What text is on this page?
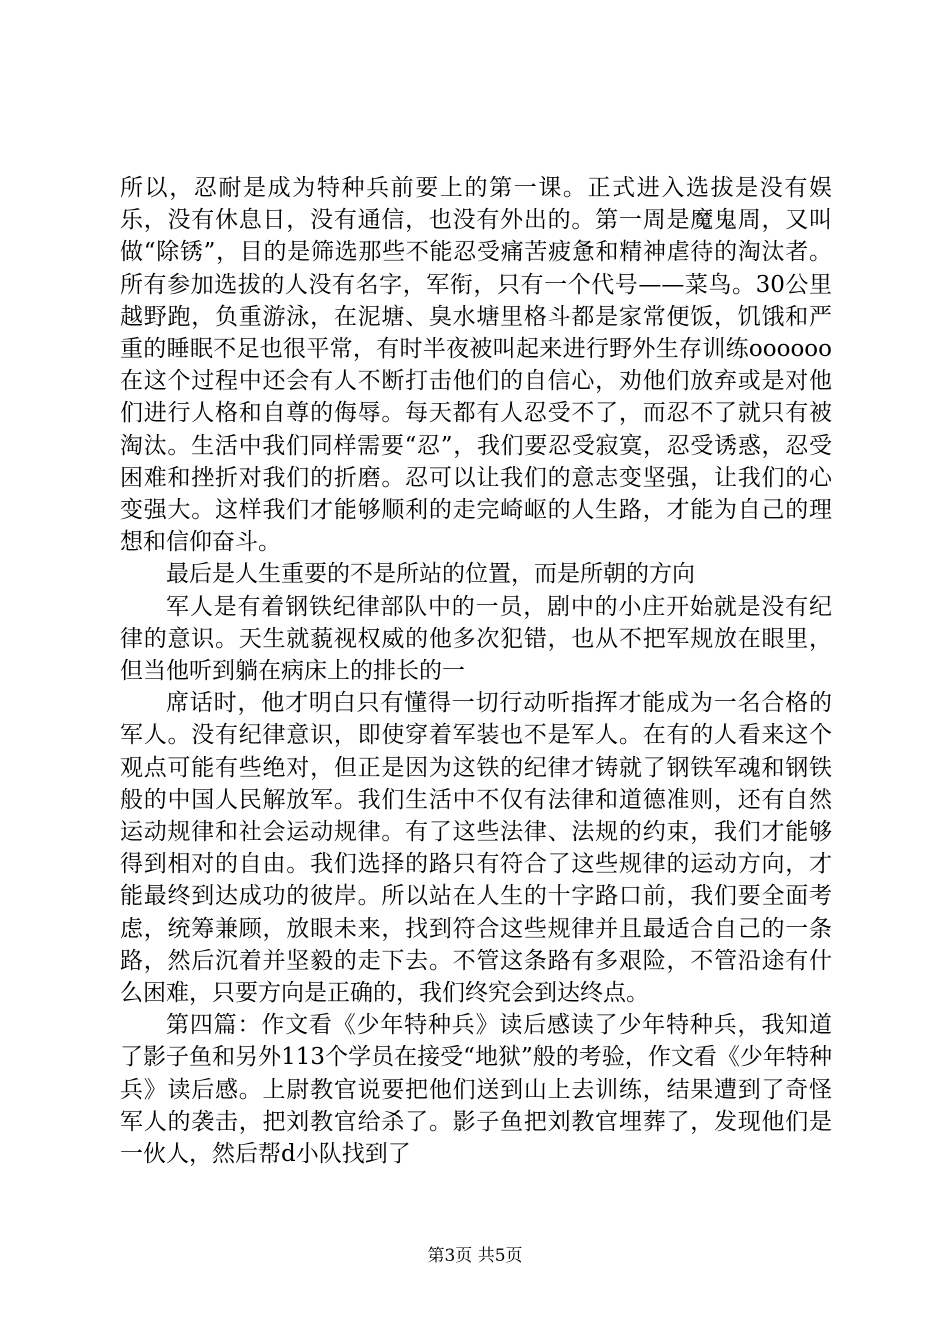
所以，忍耐是成为特种兵前要上的第一课。正式进入选拔是没有娱乐，没有休息日，没有通信，也没有外出的。第一周是魔鬼周，又叫做“除锈”，目的是筛选那些不能忍受痛苦疲惫和精神虐待的淘汰者。所有参加选拔的人没有名字，军衔，只有一个代号——菜鸟。30公里越野跑，负重游泳，在泥塘、臭水塘里格斗都是家常便饭，饥饿和严重的睡眠不足也很平常，有时半夜被叫起来进行野外生存训练oooooo在这个过程中还会有人不断打击他们的自信心，劝他们放弃或是对他们进行人格和自尊的侮辱。每天都有人忍受不了，而忍不了就只有被淘汰。生活中我们同样需要“忍”，我们要忍受寂寞，忍受诱惑，忍受困难和挫折对我们的折磨。忍可以让我们的意志变坚强，让我们的心变强大。这样我们才能够顺利的走完崎岖的人生路，才能为自己的理想和信仰奋斗。

最后是人生重要的不是所站的位置，而是所朝的方向

军人是有着钢铁纪律部队中的一员，剧中的小庄开始就是没有纪律的意识。天生就藐视权威的他多次犯错，也从不把军规放在眼里，但当他听到躺在病床上的排长的一

席话时，他才明白只有懂得一切行动听指挥才能成为一名合格的军人。没有纪律意识，即使穿着军装也不是军人。在有的人看来这个观点可能有些绝对，但正是因为这铁的纪律才铸就了钢铁军魂和钢铁般的中国人民解放军。我们生活中不仅有法律和道德准则，还有自然运动规律和社会运动规律。有了这些法律、法规的约束，我们才能够得到相对的自由。我们选择的路只有符合了这些规律的运动方向，才能最终到达成功的彼岸。所以站在人生的十字路口前，我们要全面考虑，统筹兼顾，放眼未来，找到符合这些规律并且最适合自己的一条路，然后沉着并坚毅的走下去。不管这条路有多艰险，不管沿途有什么困难，只要方向是正确的，我们终究会到达终点。

第四篇：作文看《少年特种兵》读后感读了少年特种兵，我知道了影子鱼和另外113个学员在接受“地狱”般的考验，作文看《少年特种兵》读后感。上尉教官说要把他们送到山上去训练，结果遭到了奇怪军人的袭击，把刘教官给杀了。影子鱼把刘教官埋葬了，发现他们是一伙人，然后帮d小队找到了

第3页 共5页
